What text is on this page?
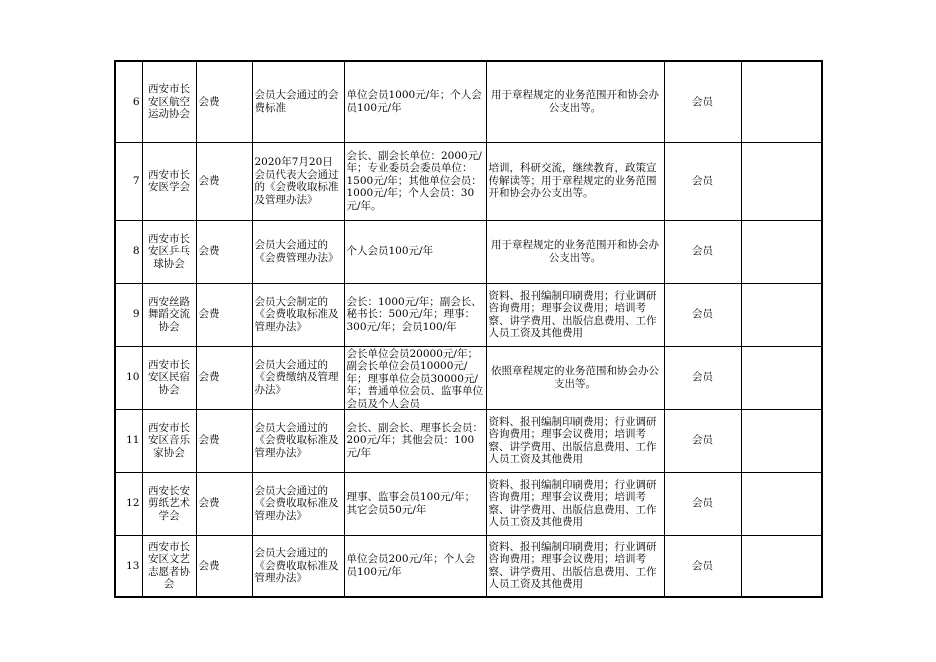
6	西安市长安区航空运动协会	会费	会员大会通过的会费标准	单位会员1000元/年；个人会员100元/年	用于章程规定的业务范围开和协会办公支出等。	会员	
7	西安市长安医学会	会费	2020年7月20日会员代表大会通过的《会费收取标准及管理办法》	会长、副会长单位：2000元/年；专业委员会委员单位：1500元/年；其他单位会员：1000元/年；个人会员：30元/年。	培训，科研交流，继续教育，政策宣传解读等；用于章程规定的业务范围开和协会办公支出等。	会员	
8	西安市长安区乒乓球协会	会费	会员大会通过的《会费管理办法》	个人会员100元/年	用于章程规定的业务范围开和协会办公支出等。	会员	
9	西安丝路舞蹈交流协会	会费	会员大会制定的《会费收取标准及管理办法》	会长：1000元/年；副会长、秘书长：500元/年；理事：300元/年；会员100/年	资料、报刊编制印刷费用；行业调研咨询费用；理事会议费用；培训考察、讲学费用、出版信息费用、工作人员工资及其他费用	会员	
10	西安市长安区民宿协会	会费	会员大会通过的《会费缴纳及管理办法》	会长单位会员20000元/年；副会长单位会员10000元/年；理事单位会员30000元/年；普通单位会员、监事单位会员及个人会员	依照章程规定的业务范围和协会办公支出等。	会员	
11	西安市长安区音乐家协会	会费	会员大会通过的《会费收取标准及管理办法》	会长、副会长、理事长会员：200元/年；其他会员：100元/年	资料、报刊编制印刷费用；行业调研咨询费用；理事会议费用；培训考察、讲学费用、出版信息费用、工作人员工资及其他费用	会员	
12	西安长安剪纸艺术学会	会费	会员大会通过的《会费收取标准及管理办法》	理事、监事会员100元/年；其它会员50元/年	资料、报刊编制印刷费用；行业调研咨询费用；理事会议费用；培训考察、讲学费用、出版信息费用、工作人员工资及其他费用	会员	
13	西安市长安区文艺志愿者协会	会费	会员大会通过的《会费收取标准及管理办法》	单位会员200元/年；个人会员100元/年	资料、报刊编制印刷费用；行业调研咨询费用；理事会议费用；培训考察、讲学费用、出版信息费用、工作人员工资及其他费用	会员	
